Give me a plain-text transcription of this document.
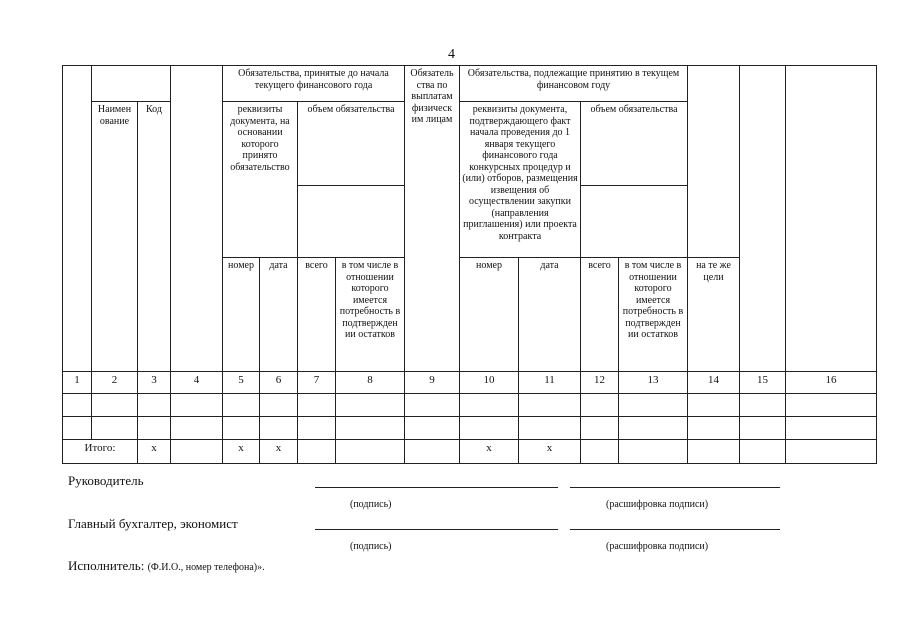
4
				Обязательства, принятые до начала текущего финансового года				Обязатель ства по выплатам физическ им лицам	Обязательства, подлежащие принятию в текущем финансовом году						
	Наимен ование	Код		реквизиты документа, на основании которого принято обязательство		объем обязательства			реквизиты документа, подтверждающего факт начала проведения до 1 января текущего финансового года конкурсных процедур и (или) отборов, размещения извещения об осуществлении закупки (направления приглашения) или проекта контракта		объем обязательства				

				номер	дата	всего	в том числе в отношении которого имеется потребность в подтвержден ии остатков		номер	дата	всего	в том числе в отношении которого имеется потребность в подтвержден ии остатков	на те же цели		
1	2	3	4	5	6	7	8	9	10	11	12	13	14	15	16

Итого:		х		х	х				х	х					
Руководитель
(подпись)	(расшифровка подписи)
Главный бухгалтер, экономист
(подпись)	(расшифровка подписи)
Исполнитель: (Ф.И.О., номер телефона)».
